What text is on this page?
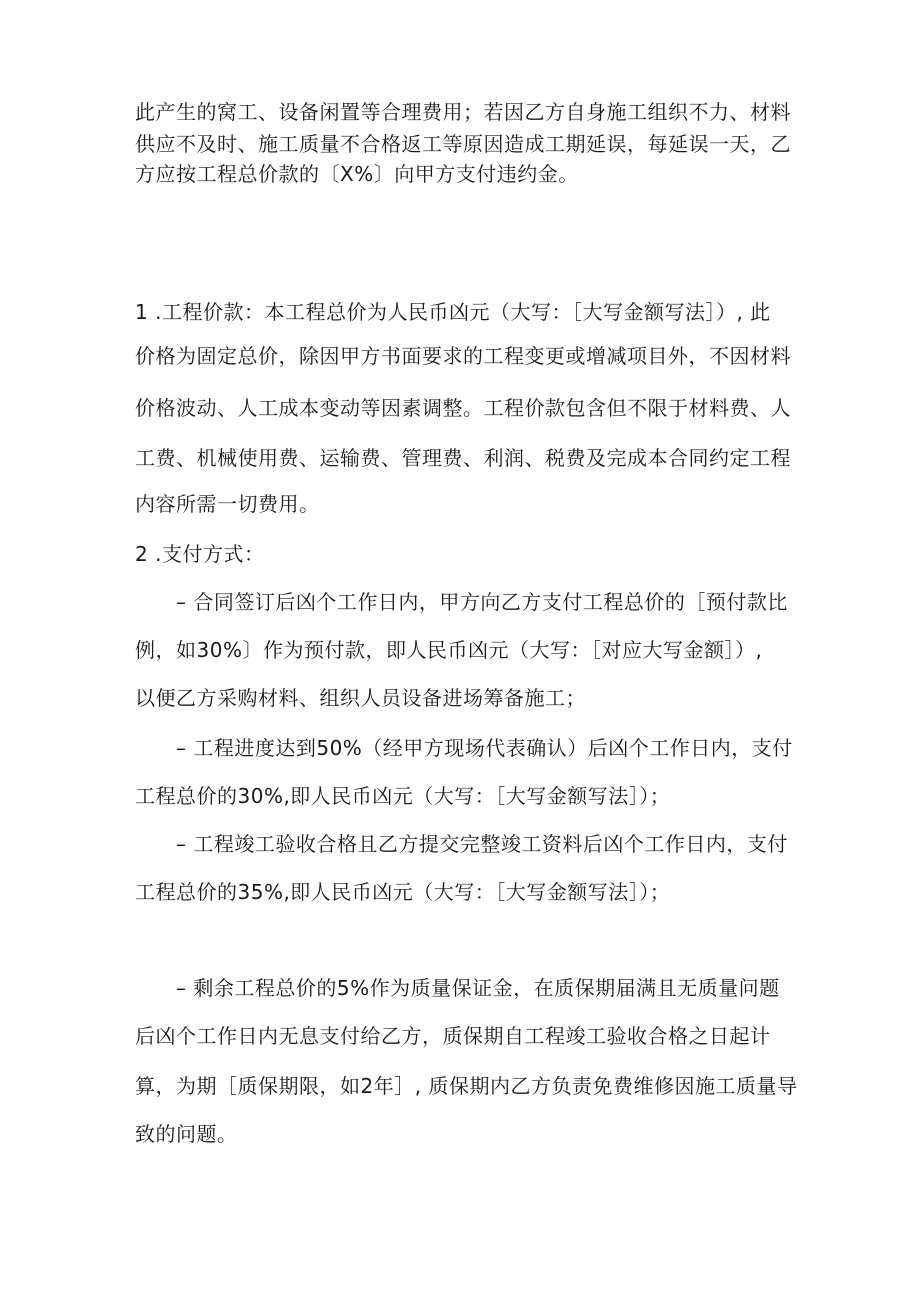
此产生的窝工、设备闲置等合理费用；若因乙方自身施工组织不力、材料
供应不及时、施工质量不合格返工等原因造成工期延误，每延误一天，乙
方应按工程总价款的〔X%〕向甲方支付违约金。
1 .工程价款：本工程总价为人民币凶元（大写：［大写金额写法］）, 此
价格为固定总价，除因甲方书面要求的工程变更或增减项目外，不因材料
价格波动、人工成本变动等因素调整。工程价款包含但不限于材料费、人
工费、机械使用费、运输费、管理费、利润、税费及完成本合同约定工程
内容所需一切费用。
2 .支付方式：
– 合同签订后凶个工作日内，甲方向乙方支付工程总价的［预付款比
例，如30%〕作为预付款，即人民币凶元（大写：［对应大写金额］）,
以便乙方采购材料、组织人员设备进场筹备施工；
– 工程进度达到50%（经甲方现场代表确认）后凶个工作日内，支付
工程总价的30%,即人民币凶元（大写：［大写金额写法］）；
– 工程竣工验收合格且乙方提交完整竣工资料后凶个工作日内，支付
工程总价的35%,即人民币凶元（大写：［大写金额写法］）；
– 剩余工程总价的5%作为质量保证金，在质保期届满且无质量问题
后凶个工作日内无息支付给乙方，质保期自工程竣工验收合格之日起计
算，为期［质保期限，如2年］, 质保期内乙方负责免费维修因施工质量导
致的问题。
